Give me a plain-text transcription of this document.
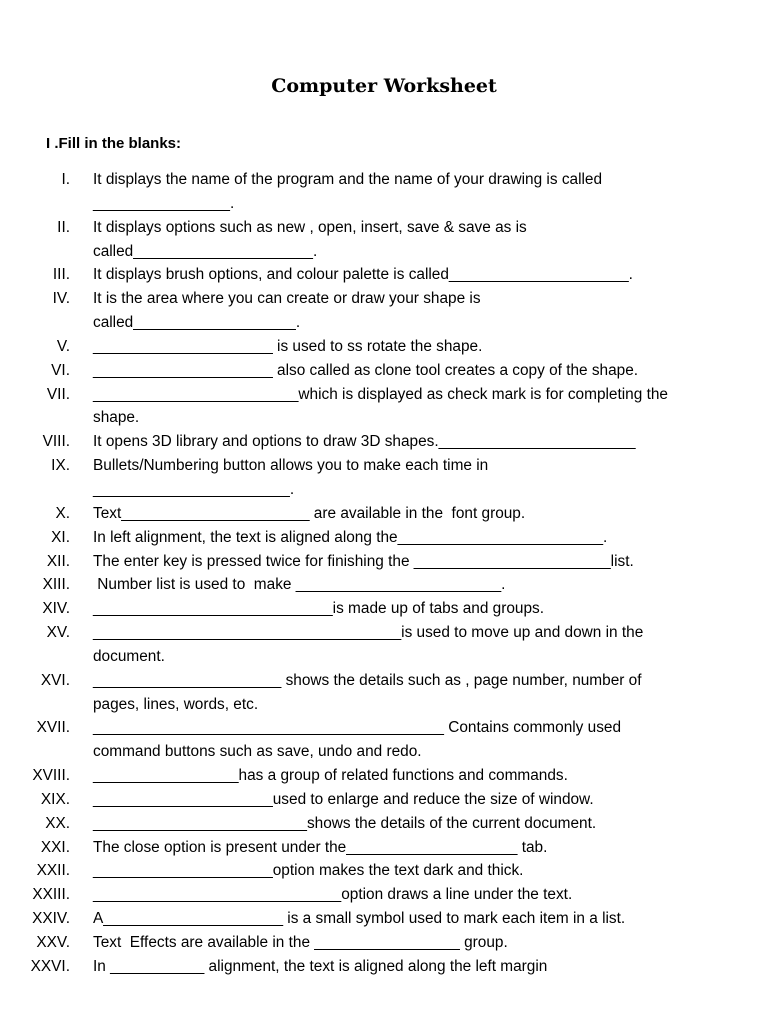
Computer Worksheet
I .Fill in the blanks:
I. It displays the name of the program and the name of your drawing is called
________________.
II. It displays options such as new , open, insert, save & save as is
called_____________________.
III. It displays brush options, and colour palette is called_____________________.
IV. It is the area where you can create or draw your shape is
called___________________.
V. _____________________ is used to ss rotate the shape.
VI. _____________________ also called as clone tool creates a copy of the shape.
VII. ________________________which is displayed as check mark is for completing the
shape.
VIII. It opens 3D library and options to draw 3D shapes._______________________
IX. Bullets/Numbering button allows you to make each time in
_______________________.
X. Text______________________ are available in the  font group.
XI. In left alignment, the text is aligned along the________________________.
XII. The enter key is pressed twice for finishing the _______________________list.
XIII. Number list is used to  make ________________________.
XIV. ____________________________is made up of tabs and groups.
XV. ____________________________________is used to move up and down in the
document.
XVI. ______________________ shows the details such as , page number, number of
pages, lines, words, etc.
XVII. _________________________________________ Contains commonly used
command buttons such as save, undo and redo.
XVIII. _________________has a group of related functions and commands.
XIX. _____________________used to enlarge and reduce the size of window.
XX. _________________________shows the details of the current document.
XXI. The close option is present under the____________________ tab.
XXII. _____________________option makes the text dark and thick.
XXIII. _____________________________option draws a line under the text.
XXIV. A_____________________ is a small symbol used to mark each item in a list.
XXV. Text  Effects are available in the _________________ group.
XXVI. In ___________ alignment, the text is aligned along the left margin
